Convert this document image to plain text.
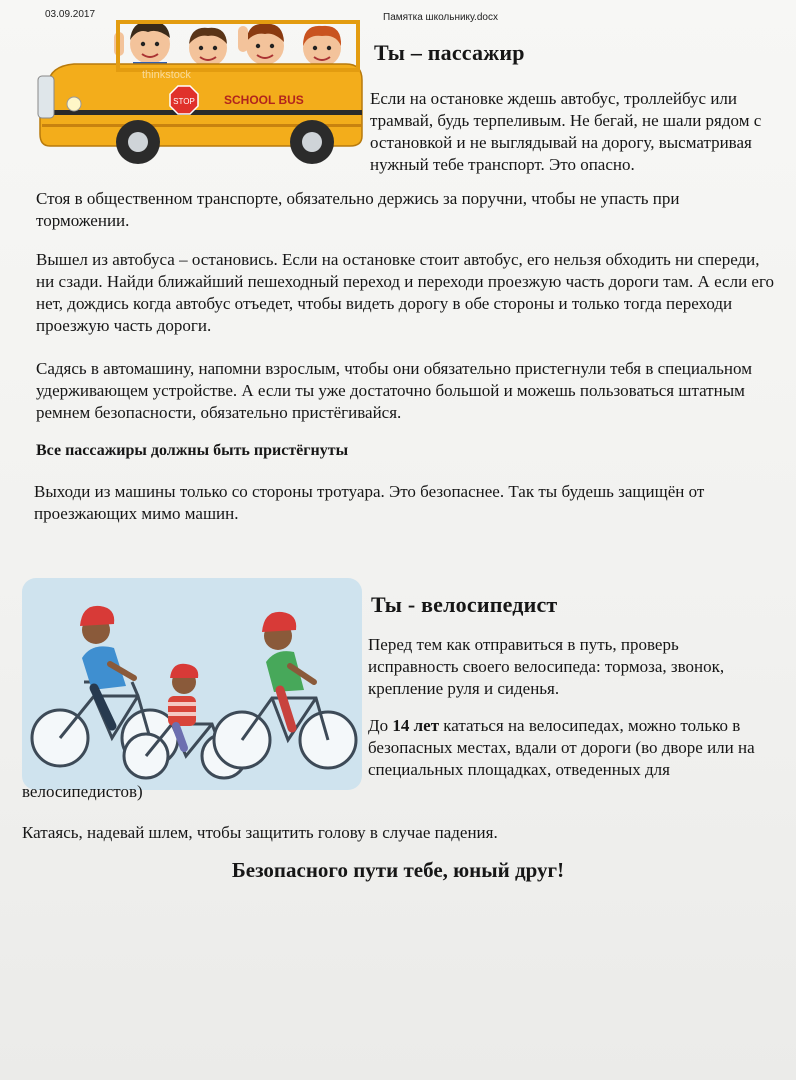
03.09.2017	Памятка школьнику.docx
STOP SCHOOL BUS
thinkstock
Ты – пассажир

Если на остановке ждешь автобус, троллейбус или трамвай, будь терпеливым. Не бегай, не шали рядом с остановкой и не выглядывай на дорогу, высматривая нужный тебе транспорт. Это опасно.

Стоя в общественном транспорте, обязательно держись за поручни, чтобы не упасть при торможении.

Вышел из автобуса – остановись. Если на остановке стоит автобус, его нельзя обходить ни спереди, ни сзади. Найди ближайший пешеходный переход и переходи проезжую часть дороги там. А если его нет, дождись когда автобус отъедет, чтобы видеть дорогу в обе стороны и только тогда переходи проезжую часть дороги.

Садясь в автомашину, напомни взрослым, чтобы они обязательно пристегнули тебя в специальном удерживающем устройстве. А если ты уже достаточно большой и можешь пользоваться штатным ремнем безопасности, обязательно пристёгивайся.

Все пассажиры должны быть пристёгнуты

Выходи из машины только со стороны тротуара. Это безопаснее. Так ты будешь защищён от проезжающих мимо машин.

Ты - велосипедист

Перед тем как отправиться в путь, проверь исправность своего велосипеда: тормоза, звонок, крепление руля и сиденья.

До 14 лет кататься на велосипедах, можно только в безопасных местах, вдали от дороги (во дворе или на специальных площадках, отведенных для

велосипедистов)

Катаясь, надевай шлем, чтобы защитить голову в случае падения.

Безопасного пути тебе, юный друг!
